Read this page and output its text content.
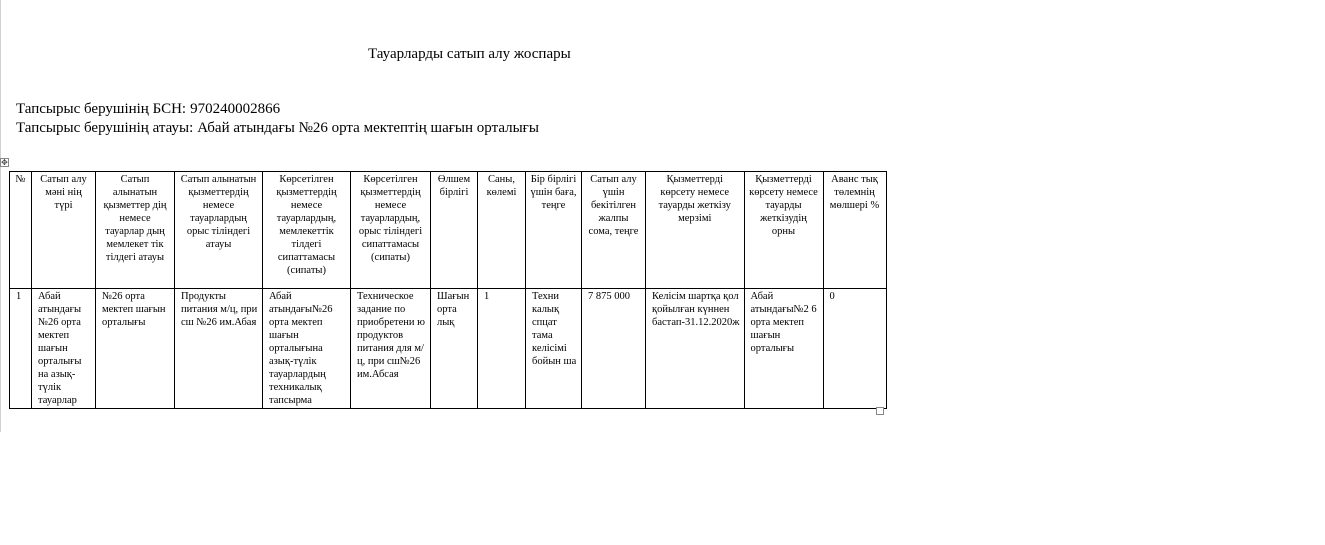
Тауарларды сатып алу жоспары
Тапсырыс берушінің БСН: 970240002866
Тапсырыс берушінің атауы: Абай атындағы №26 орта мектептің шағын орталығы
✥
№	Сатып алу мәні нің түрі	Сатып алынатын қызметтер дің немесе тауарлар дың мемлекет тік тілдегі атауы	Сатып алынатын қызметтердің немесе тауарлардың орыс тіліндегі атауы	Көрсетілген қызметтердің немесе тауарлардың, мемлекеттік тілдегі сипаттамасы (сипаты)	Көрсетілген қызметтердің немесе тауарлардың, орыс тіліндегі сипаттамасы (сипаты)	Өлшем бірлігі	Саны, көлемі	Бір бірлігі үшін баға, теңге	Сатып алу үшін бекітілген жалпы сома, теңге	Қызметтерді көрсету немесе тауарды жеткізу мерзімі	Қызметтерді көрсету немесе тауарды жеткізудің орны	Аванс тық төлемнің мөлшері %
1	Абай атындағы №26 орта мектеп шағын орталығы на азық-түлік тауарлар	№26 орта мектеп шағын орталығы	Продукты питания м/ц, при сш №26 им.Абая	Абай атындағы№26 орта мектеп шағын орталығына азық-түлік тауарлардың техникалық тапсырма	Техническое задание по приобретени ю продуктов питания для м/ц, при сш№26 им.Абсая	Шағын орта лық	1	Техни калық спцат тама келісімі бойын ша	7 875 000	Келісім шартқа қол қойылған күннен бастап-31.12.2020ж	Абай атындағы№2 6 орта мектеп шағын орталығы	0
